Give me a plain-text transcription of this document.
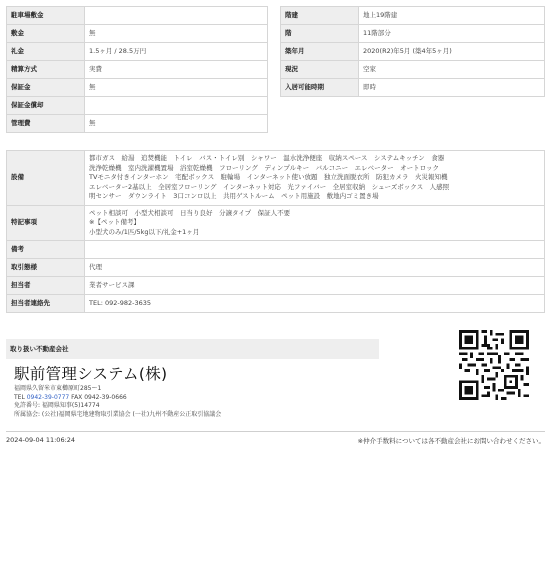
駐車場敷金	
敷金	無
礼金	1.5ヶ月 / 28.5万円
精算方式	実費
保証金	無
保証金償却	
管理費	無
階建	地上19階建
階	11階部分
築年月	2020(R2)年5月 (築4年5ヶ月)
現況	空家
入居可能時期	即時
設備	都市ガス　給湯　追焚機能　トイレ　バス・トイレ別　シャワー　温水洗浄便座　収納スペース　システムキッチン　食器
洗浄乾燥機　室内洗濯機置場　浴室乾燥機　フローリング　ディンプルキー　バルコニー　エレベーター　オートロック
TVモニタ付きインターホン　宅配ボックス　駐輪場　インターネット使い放題　独立洗面脱衣所　防犯カメラ　火災報知機
エレベーター2基以上　全居室フローリング　インターネット対応　光ファイバー　全居室収納　シューズボックス　人感照
明センサー　ダウンライト　3口コンロ以上　共用ゲストルーム　ペット用施設　敷地内ゴミ置き場

特記事項	ペット相談可　小型犬相談可　日当り良好　分譲タイプ　保証人不要
※【ペット備考】
小型犬のみ/1匹/5kg以下/礼金+1ヶ月

備考	
取引態様	代理
担当者	業者サービス課
担当者連絡先	TEL: 092-982-3635
取り扱い不動産会社
駅前管理システム(株)
福岡県久留米市東櫛原町285ー1
TEL 0942-39-0777 FAX 0942-39-0666
免許番号: 福岡県知事(5)14774
所属協会: (公社)福岡県宅地建物取引業協会 (一社)九州不動産公正取引協議会
2024-09-04 11:06:24	※仲介手数料については各不動産会社にお問い合わせください。
